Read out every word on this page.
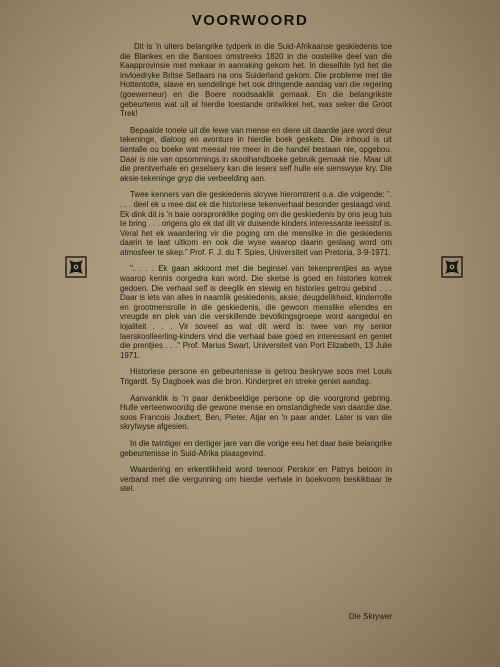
VOORWOORD

Dit is 'n uiters belangrike tydperk in die Suid-Afrikaanse geskiedenis toe die Blankes en die Bantoes omstreeks 1820 in die oostelike deel van die Kaapprovinsie met mekaar in aanraking gekom het. In dieselfde tyd het die invloedryke Britse Setlaars na ons Suiderland gekom. Die probleme met die Hottentotte, slawe en sendelinge het ook dringende aandag van die regering (goewerneur) en die Boere noodsaaklik gemaak. En die belangrikste gebeurtenis wat uit al hierdie toestande ontwikkel het, was seker die Groot Trek!

Bepaalde tonele uit die lewe van mense en diere uit daardie jare word deur tekeninge, dialoog en avonture in hierdie boek geskets. Die inhoud is uit tientalle ou boeke wat meesal nie meer in die handel bestaan nie, opgebou. Daar is nie van opsommings in skoolhandboeke gebruik gemaak nie. Maar uit die prentverhale en geselsery kan die lesers self hulle eie sienswyse kry. Die aksie-tekeninge gryp die verbeelding aan.

Twee kenners van die geskiedenis skrywe hieromtrent o.a. die volgende: ". . . . deel ek u mee dat ek die historiese tekenverhaal besonder geslaagd vind. Ek dink dit is 'n baie oorspronklike poging om die geskiedenis by ons jeug tuis te bring . . . origens glo ek dat dit vir duisende kinders interessante leesstof is. Veral het ek waardering vir die poging om die menslike in die geskiedenis daarin te laat uitkom en ook die wyse waarop daarin geslaag word om atmosfeer te skep." Prof. F. J. du T. Spies, Universiteit van Pretoria, 3-9-1971.

". . . . Ek gaan akkoord met die beginsel van tekenprentjies as wyse waarop kennis oorgedra kan word. Die sketse is goed en histories korrek gedoen. Die verhaal self is deeglik en stewig en histories getrou gebind . . . Daar is iets van alles in naamlik geskiedenis, aksie, deugdelikheid, kinderrolle en grootmensrolle in die geskiedenis, die gewoon menslike ellendes en vreugde en plek van die verskillende bevolkingsgroepe word aangedui en lojaliteit . . . Vir soveel as wat dit werd is: twee van my senior laerskoolleerling-kinders vind die verhaal baie goed en interessant en geniet die prentjies . . ." Prof. Marius Swart, Universiteit van Port Elizabeth, 13 Julie 1971.

Historiese persone en gebeurtenisse is getrou beskrywe soos met Louis Trigardt. Sy Dagboek was die bron. Kinderpret en streke geniet aandag.

Aanvanklik is 'n paar denkbeeldige persone op die voorgrond gebring. Hulle verteenwoordig die gewone mense en omstandighede van daardie dae, soos Francois Joubert, Ben, Pieter, Atjar en 'n paar ander. Later is van die skryfwyse afgesien.

In die twintiger en dertiger jare van die vorige eeu het daar baie belangrike gebeurtenisse in Suid-Afrika plaasgevind.

Waardering en erkentlikheid word teenoor Perskor en Patrys betoon in verband met die vergunning om hierdie verhale in boekvorm beskikbaar te stel.

Die Skrywer
